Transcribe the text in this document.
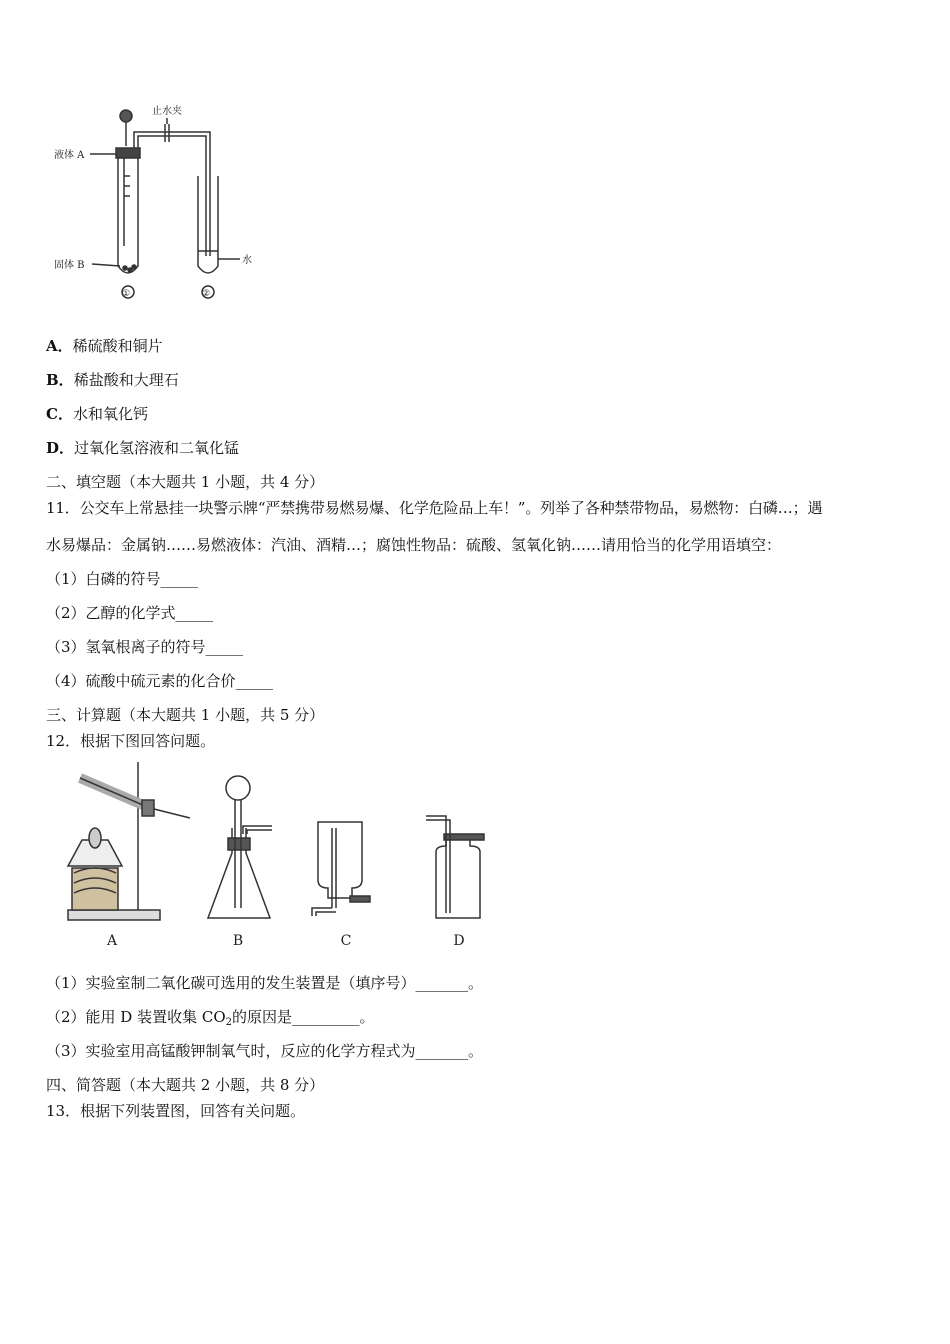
止水夹
液体 A
固体 B	水
①	②
A．稀硫酸和铜片
B．稀盐酸和大理石
C．水和氧化钙
D．过氧化氢溶液和二氧化锰
二、填空题（本大题共 1 小题，共 4 分）
11．公交车上常悬挂一块警示牌“严禁携带易燃易爆、化学危险品上车！”。列举了各种禁带物品，易燃物：白磷…；遇
水易爆品：金属钠……易燃液体：汽油、酒精…；腐蚀性物品：硫酸、氢氧化钠……请用恰当的化学用语填空：
（1）白磷的符号_____
（2）乙醇的化学式_____
（3）氢氧根离子的符号_____
（4）硫酸中硫元素的化合价_____
三、计算题（本大题共 1 小题，共 5 分）
12．根据下图回答问题。
A	B	C	D
（1）实验室制二氧化碳可选用的发生装置是（填序号）_______。
（2）能用 D 装置收集 $CO_2$的原因是_________。
（3）实验室用高锰酸钾制氧气时，反应的化学方程式为_______。
四、简答题（本大题共 2 小题，共 8 分）
13．根据下列装置图，回答有关问题。
